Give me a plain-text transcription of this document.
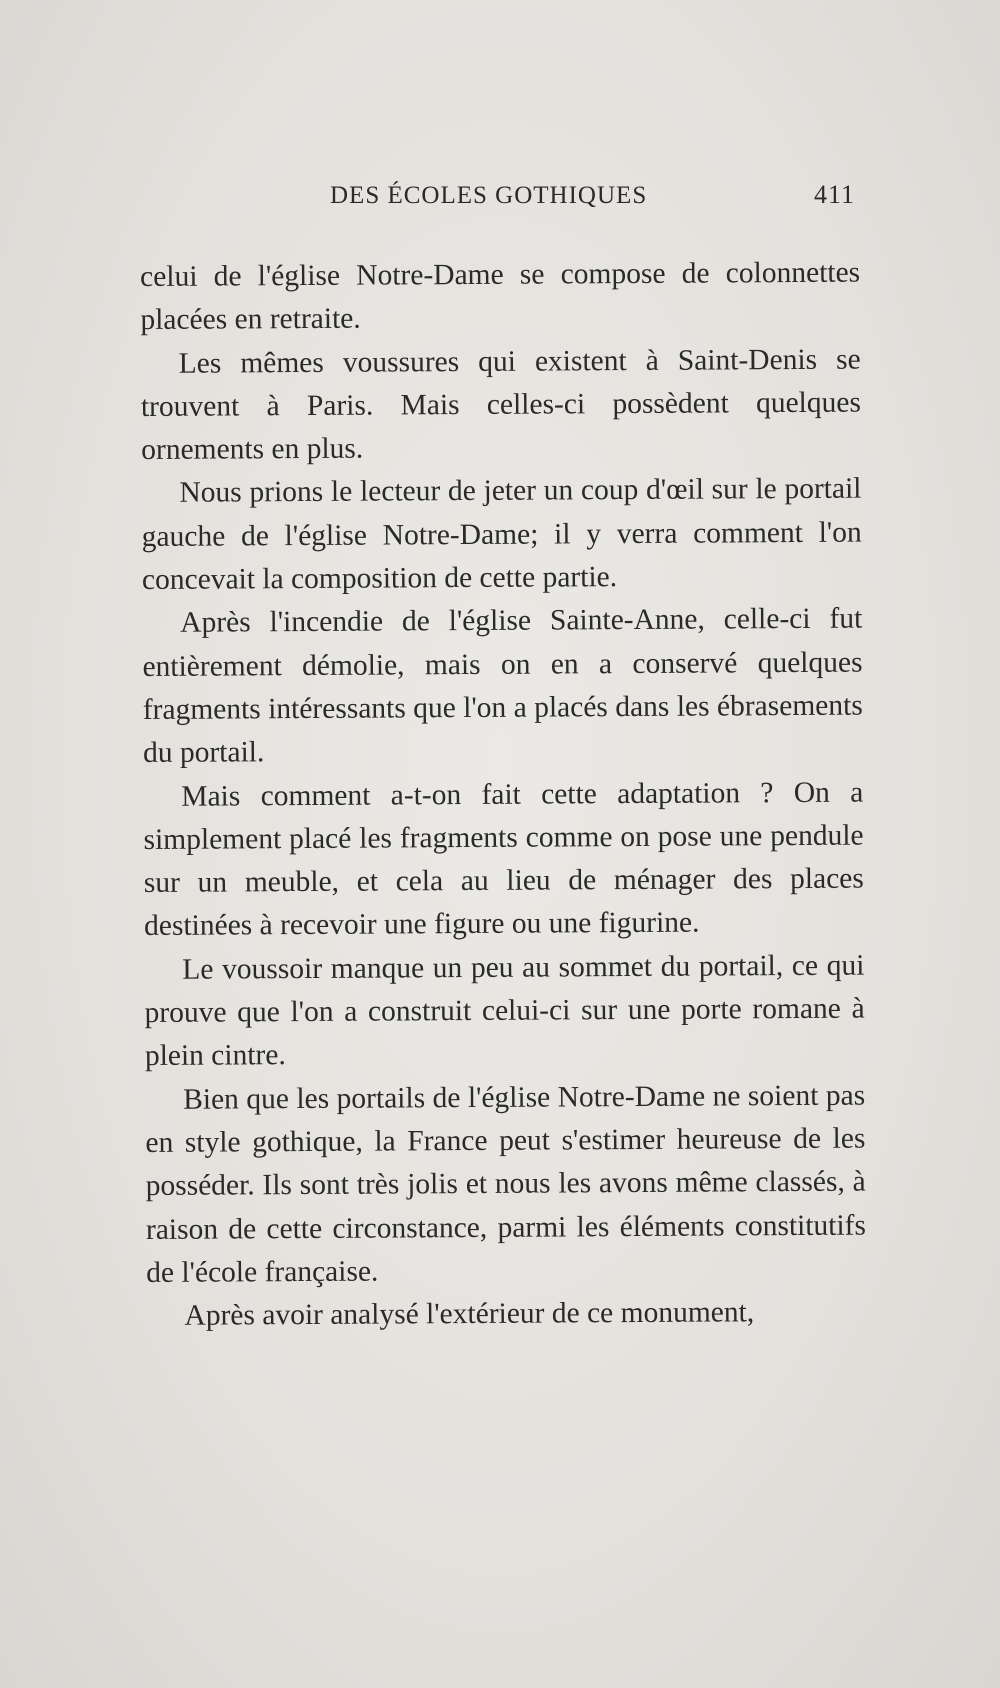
DES ÉCOLES GOTHIQUES	411

celui de l'église Notre-Dame se compose de colonnettes placées en retraite.

Les mêmes voussures qui existent à Saint-Denis se trouvent à Paris. Mais celles-ci possèdent quelques ornements en plus.

Nous prions le lecteur de jeter un coup d'œil sur le portail gauche de l'église Notre-Dame; il y verra comment l'on concevait la composition de cette partie.

Après l'incendie de l'église Sainte-Anne, celle-ci fut entièrement démolie, mais on en a conservé quelques fragments intéressants que l'on a placés dans les ébrasements du portail.

Mais comment a-t-on fait cette adaptation ? On a simplement placé les fragments comme on pose une pendule sur un meuble, et cela au lieu de ménager des places destinées à recevoir une figure ou une figurine.

Le voussoir manque un peu au sommet du portail, ce qui prouve que l'on a construit celui-ci sur une porte romane à plein cintre.

Bien que les portails de l'église Notre-Dame ne soient pas en style gothique, la France peut s'estimer heureuse de les posséder. Ils sont très jolis et nous les avons même classés, à raison de cette circonstance, parmi les éléments constitutifs de l'école française.

Après avoir analysé l'extérieur de ce monument,
